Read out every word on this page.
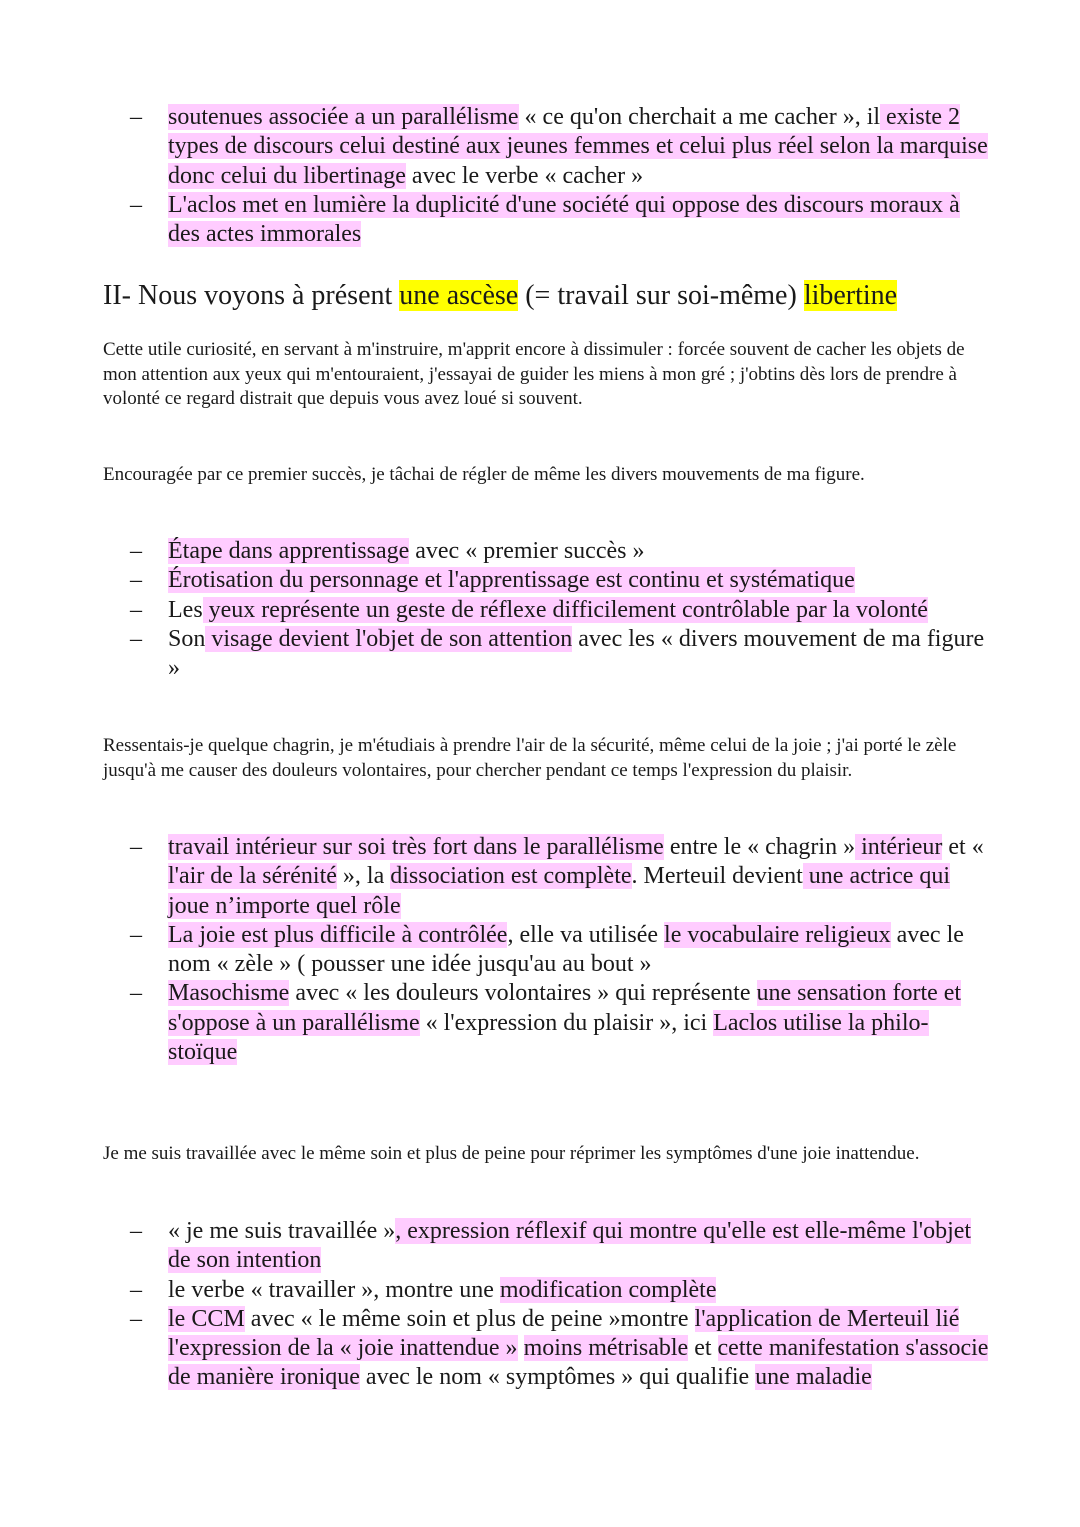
– soutenues associée a un parallélisme « ce qu'on cherchait a me cacher », il existe 2 types de discours celui destiné aux jeunes femmes et celui plus réel selon la marquise donc celui du libertinage avec le verbe « cacher »
– L'aclos met en lumière la duplicité d'une société qui oppose des discours moraux à des actes immorales
II- Nous voyons à présent une ascèse (= travail sur soi-même) libertine
Cette utile curiosité, en servant à m'instruire, m'apprit encore à dissimuler : forcée souvent de cacher les objets de mon attention aux yeux qui m'entouraient, j'essayai de guider les miens à mon gré ; j'obtins dès lors de prendre à volonté ce regard distrait que depuis vous avez loué si souvent.
Encouragée par ce premier succès, je tâchai de régler de même les divers mouvements de ma figure.
– Étape dans apprentissage avec « premier succès »
– Érotisation du personnage et l'apprentissage est continu et systématique
– Les yeux représente un geste de réflexe difficilement contrôlable par la volonté
– Son visage devient l'objet de son attention avec les « divers mouvement de ma figure »
Ressentais-je quelque chagrin, je m'étudiais à prendre l'air de la sécurité, même celui de la joie ; j'ai porté le zèle jusqu'à me causer des douleurs volontaires, pour chercher pendant ce temps l'expression du plaisir.
– travail intérieur sur soi très fort dans le parallélisme entre le « chagrin » intérieur et « l'air de la sérénité », la dissociation est complète. Merteuil devient une actrice qui joue n’importe quel rôle
– La joie est plus difficile à contrôlée, elle va utilisée le vocabulaire religieux avec le nom « zèle » ( pousser une idée jusqu'au au bout »
– Masochisme avec « les douleurs volontaires » qui représente une sensation forte et s'oppose à un parallélisme « l'expression du plaisir », ici Laclos utilise la philo-stoïque
Je me suis travaillée avec le même soin et plus de peine pour réprimer les symptômes d'une joie inattendue.
– « je me suis travaillée », expression réflexif qui montre qu'elle est elle-même l'objet de son intention
– le verbe « travailler », montre une modification complète
– le CCM avec « le même soin et plus de peine »montre l'application de Merteuil lié l'expression de la « joie inattendue » moins métrisable et cette manifestation s'associe de manière ironique avec le nom « symptômes » qui qualifie une maladie
